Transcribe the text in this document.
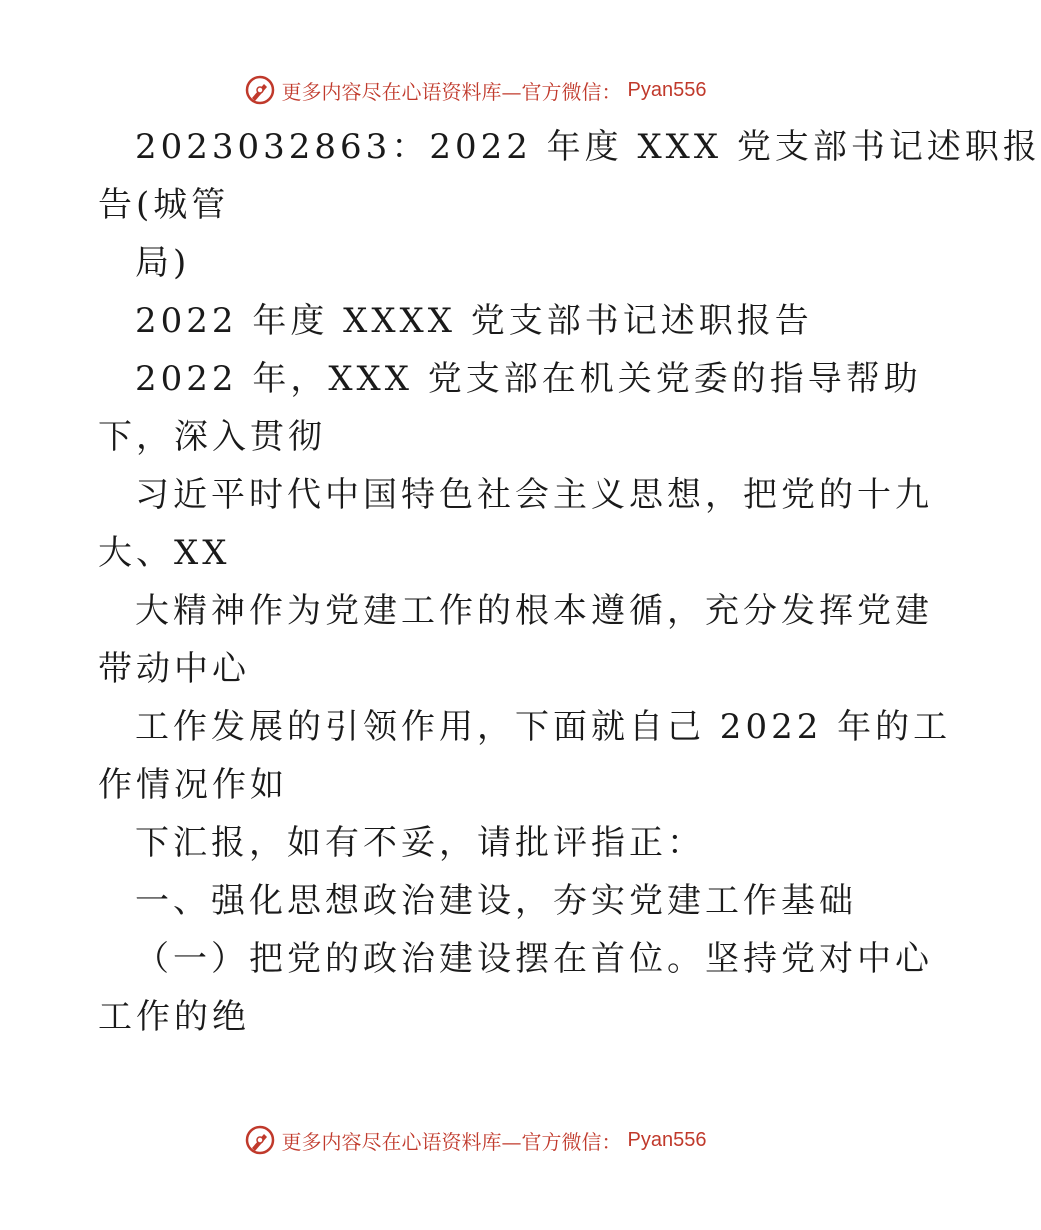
更多内容尽在心语资料库—官方微信： Pyan556
2023032863：2022 年度 XXX 党支部书记述职报
告(城管
局)
2022 年度 XXXX 党支部书记述职报告
2022 年，XXX 党支部在机关党委的指导帮助
下，深入贯彻
习近平时代中国特色社会主义思想，把党的十九
大、XX
大精神作为党建工作的根本遵循，充分发挥党建
带动中心
工作发展的引领作用，下面就自己 2022 年的工
作情况作如
下汇报，如有不妥，请批评指正：
一、强化思想政治建设，夯实党建工作基础
（一）把党的政治建设摆在首位。坚持党对中心
工作的绝
更多内容尽在心语资料库—官方微信： Pyan556
